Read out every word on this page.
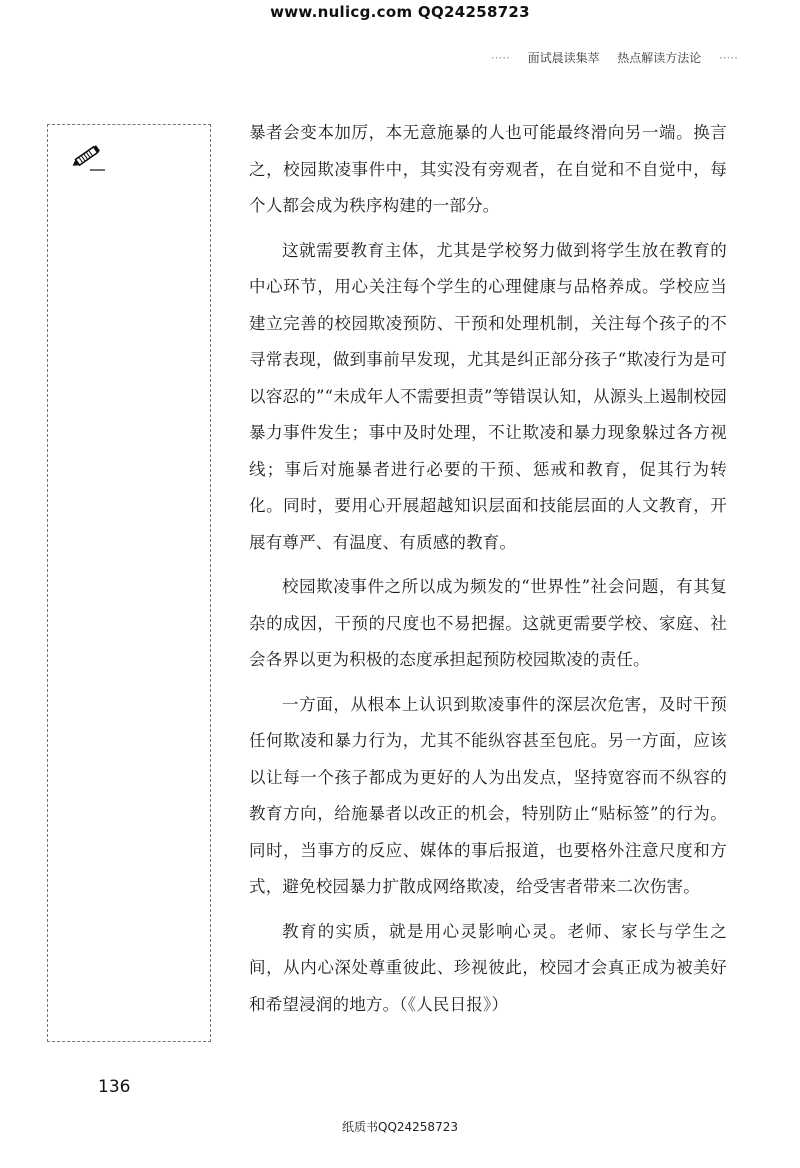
www.nulicg.com QQ24258723
····· 面试晨读集萃 热点解读方法论 ·····

暴者会变本加厉，本无意施暴的人也可能最终滑向另一端。换言之，校园欺凌事件中，其实没有旁观者，在自觉和不自觉中，每个人都会成为秩序构建的一部分。

这就需要教育主体，尤其是学校努力做到将学生放在教育的中心环节，用心关注每个学生的心理健康与品格养成。学校应当建立完善的校园欺凌预防、干预和处理机制，关注每个孩子的不寻常表现，做到事前早发现，尤其是纠正部分孩子“欺凌行为是可以容忍的”“未成年人不需要担责”等错误认知，从源头上遏制校园暴力事件发生；事中及时处理，不让欺凌和暴力现象躲过各方视线；事后对施暴者进行必要的干预、惩戒和教育，促其行为转化。同时，要用心开展超越知识层面和技能层面的人文教育，开展有尊严、有温度、有质感的教育。

校园欺凌事件之所以成为频发的“世界性”社会问题，有其复杂的成因，干预的尺度也不易把握。这就更需要学校、家庭、社会各界以更为积极的态度承担起预防校园欺凌的责任。

一方面，从根本上认识到欺凌事件的深层次危害，及时干预任何欺凌和暴力行为，尤其不能纵容甚至包庇。另一方面，应该以让每一个孩子都成为更好的人为出发点，坚持宽容而不纵容的教育方向，给施暴者以改正的机会，特别防止“贴标签”的行为。同时，当事方的反应、媒体的事后报道，也要格外注意尺度和方式，避免校园暴力扩散成网络欺凌，给受害者带来二次伤害。

教育的实质，就是用心灵影响心灵。老师、家长与学生之间，从内心深处尊重彼此、珍视彼此，校园才会真正成为被美好和希望浸润的地方。（《人民日报》）

136
纸质书QQ24258723
